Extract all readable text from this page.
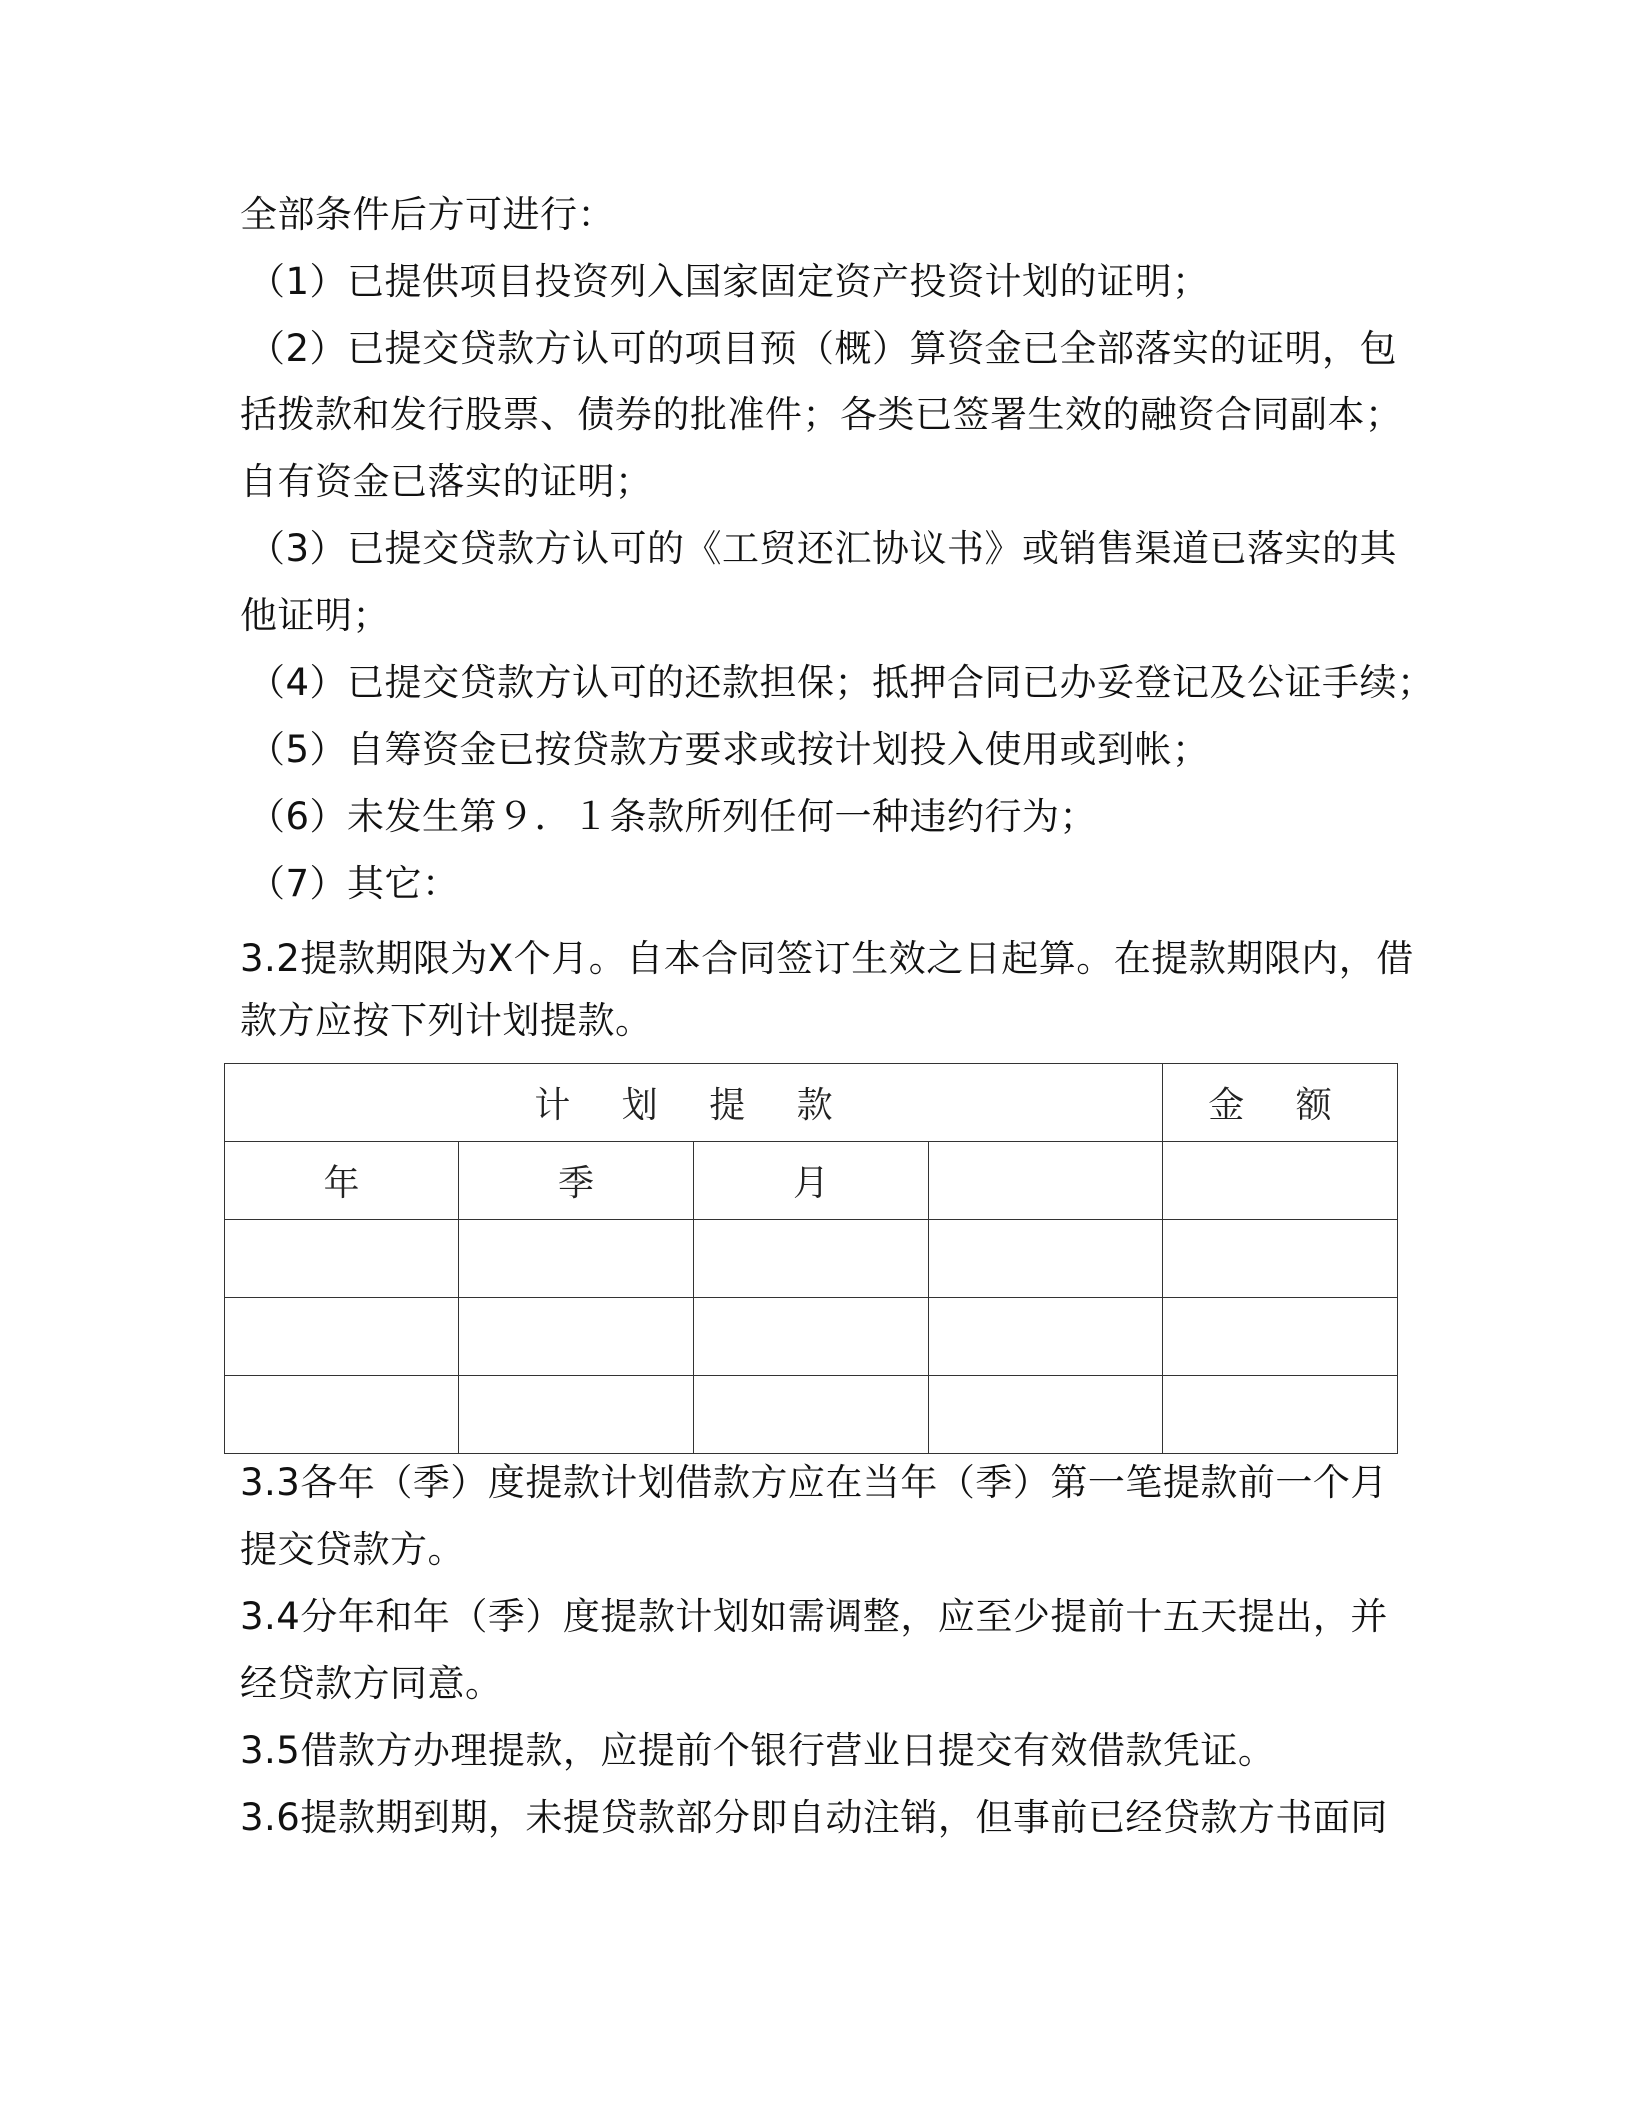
全部条件后方可进行：
（1）已提供项目投资列入国家固定资产投资计划的证明；
（2）已提交贷款方认可的项目预（概）算资金已全部落实的证明，包
括拨款和发行股票、债券的批准件；各类已签署生效的融资合同副本；
自有资金已落实的证明；
（3）已提交贷款方认可的《工贸还汇协议书》或销售渠道已落实的其
他证明；
（4）已提交贷款方认可的还款担保；抵押合同已办妥登记及公证手续；
（5）自筹资金已按贷款方要求或按计划投入使用或到帐；
（6）未发生第９．１条款所列任何一种违约行为；
（7）其它：
3.2提款期限为X个月。自本合同签订生效之日起算。在提款期限内，借
款方应按下列计划提款。
计 划 提 款				金 额
年	季	月		

3.3各年（季）度提款计划借款方应在当年（季）第一笔提款前一个月
提交贷款方。
3.4分年和年（季）度提款计划如需调整，应至少提前十五天提出，并
经贷款方同意。
3.5借款方办理提款，应提前个银行营业日提交有效借款凭证。
3.6提款期到期，未提贷款部分即自动注销，但事前已经贷款方书面同
